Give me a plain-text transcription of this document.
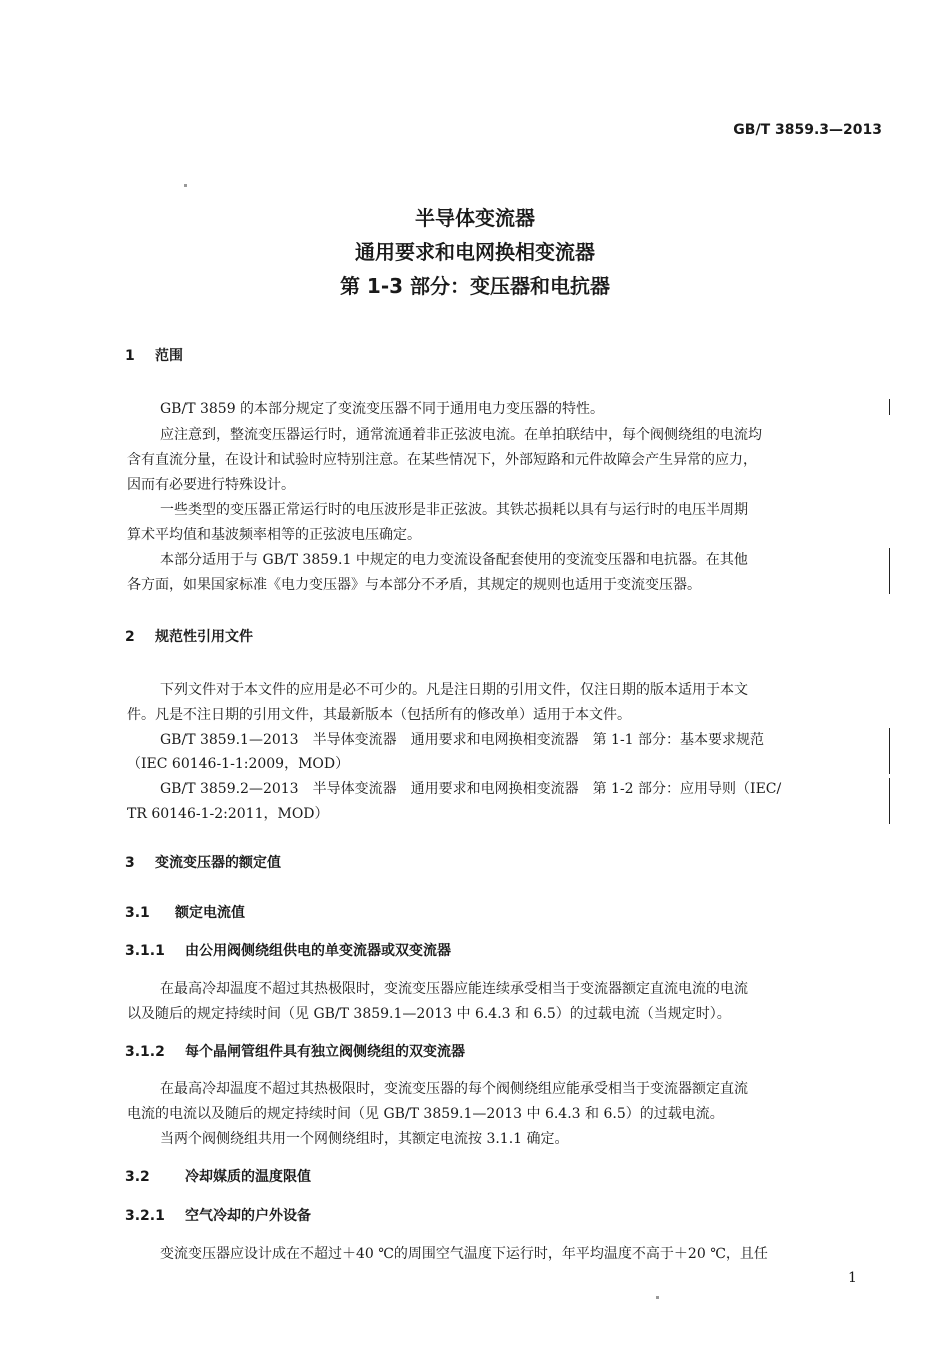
GB/T 3859.3—2013
半导体变流器
通用要求和电网换相变流器
第 1-3 部分：变压器和电抗器
1 范围
GB/T 3859 的本部分规定了变流变压器不同于通用电力变压器的特性。
应注意到，整流变压器运行时，通常流通着非正弦波电流。在单拍联结中，每个阀侧绕组的电流均
含有直流分量，在设计和试验时应特别注意。在某些情况下，外部短路和元件故障会产生异常的应力，
因而有必要进行特殊设计。
一些类型的变压器正常运行时的电压波形是非正弦波。其铁芯损耗以具有与运行时的电压半周期
算术平均值和基波频率相等的正弦波电压确定。
本部分适用于与 GB/T 3859.1 中规定的电力变流设备配套使用的变流变压器和电抗器。在其他
各方面，如果国家标准《电力变压器》与本部分不矛盾，其规定的规则也适用于变流变压器。
2 规范性引用文件
下列文件对于本文件的应用是必不可少的。凡是注日期的引用文件，仅注日期的版本适用于本文
件。凡是不注日期的引用文件，其最新版本（包括所有的修改单）适用于本文件。
GB/T 3859.1—2013　半导体变流器　通用要求和电网换相变流器　第 1-1 部分：基本要求规范
（IEC 60146-1-1:2009，MOD）
GB/T 3859.2—2013　半导体变流器　通用要求和电网换相变流器　第 1-2 部分：应用导则（IEC/
TR 60146-1-2:2011，MOD）
3 变流变压器的额定值
3.1 额定电流值
3.1.1 由公用阀侧绕组供电的单变流器或双变流器
在最高冷却温度不超过其热极限时，变流变压器应能连续承受相当于变流器额定直流电流的电流
以及随后的规定持续时间（见 GB/T 3859.1—2013 中 6.4.3 和 6.5）的过载电流（当规定时）。
3.1.2 每个晶闸管组件具有独立阀侧绕组的双变流器
在最高冷却温度不超过其热极限时，变流变压器的每个阀侧绕组应能承受相当于变流器额定直流
电流的电流以及随后的规定持续时间（见 GB/T 3859.1—2013 中 6.4.3 和 6.5）的过载电流。
当两个阀侧绕组共用一个网侧绕组时，其额定电流按 3.1.1 确定。
3.2	冷却媒质的温度限值
3.2.1 空气冷却的户外设备
变流变压器应设计成在不超过＋40 ℃的周围空气温度下运行时，年平均温度不高于＋20 ℃，且任
1
